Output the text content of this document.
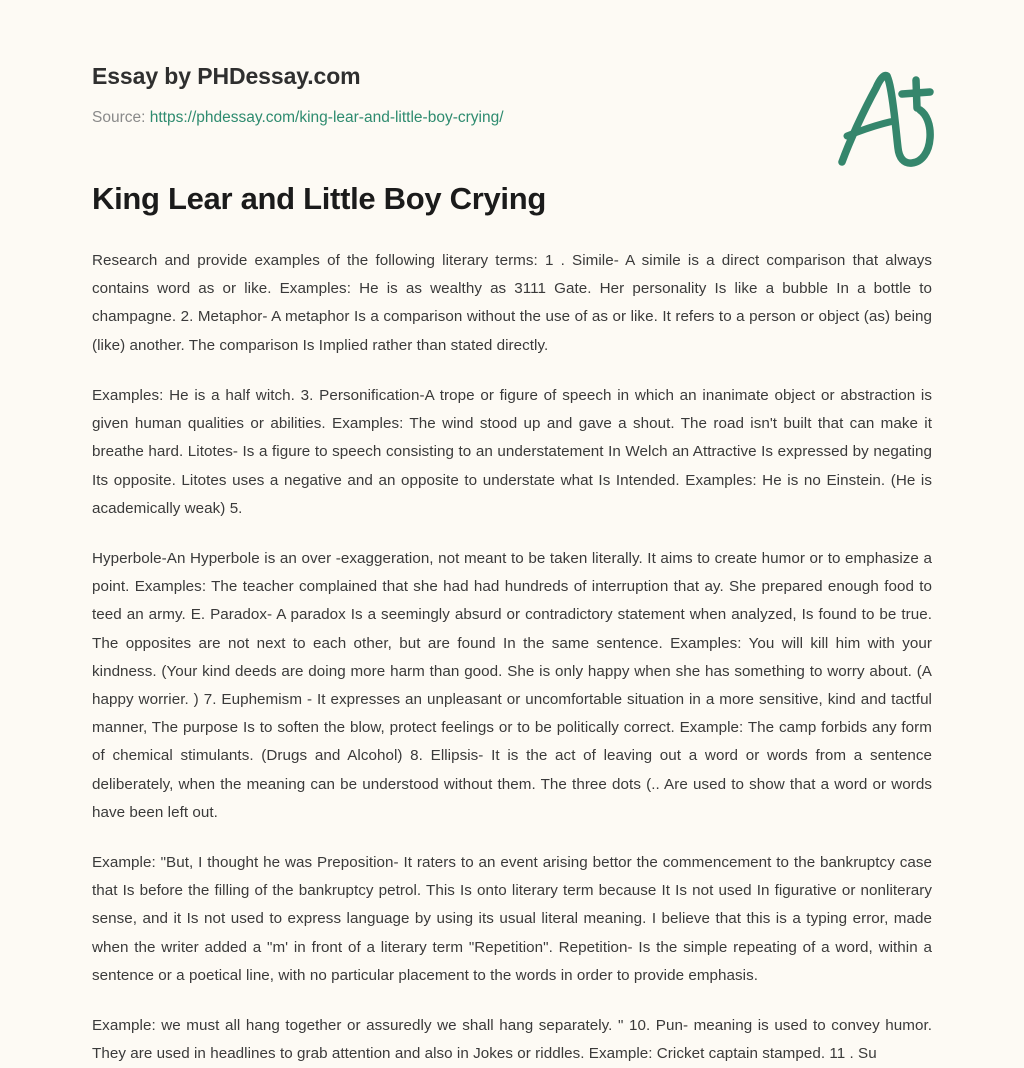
Essay by PHDessay.com
Source: https://phdessay.com/king-lear-and-little-boy-crying/
King Lear and Little Boy Crying

Research and provide examples of the following literary terms: 1 . Simile- A simile is a direct comparison that always contains word as or like. Examples: He is as wealthy as 3111 Gate. Her personality Is like a bubble In a bottle to champagne. 2. Metaphor- A metaphor Is a comparison without the use of as or like. It refers to a person or object (as) being (like) another. The comparison Is Implied rather than stated directly.

Examples: He is a half witch. 3. Personification-A trope or figure of speech in which an inanimate object or abstraction is given human qualities or abilities. Examples: The wind stood up and gave a shout. The road isn't built that can make it breathe hard. Litotes- Is a figure to speech consisting to an understatement In Welch an Attractive Is expressed by negating Its opposite. Litotes uses a negative and an opposite to understate what Is Intended. Examples: He is no Einstein. (He is academically weak) 5.

Hyperbole-An Hyperbole is an over -exaggeration, not meant to be taken literally. It aims to create humor or to emphasize a point. Examples: The teacher complained that she had had hundreds of interruption that ay. She prepared enough food to teed an army. E. Paradox- A paradox Is a seemingly absurd or contradictory statement when analyzed, Is found to be true. The opposites are not next to each other, but are found In the same sentence. Examples: You will kill him with your kindness. (Your kind deeds are doing more harm than good. She is only happy when she has something to worry about. (A happy worrier. ) 7. Euphemism - It expresses an unpleasant or uncomfortable situation in a more sensitive, kind and tactful manner, The purpose Is to soften the blow, protect feelings or to be politically correct. Example: The camp forbids any form of chemical stimulants. (Drugs and Alcohol) 8. Ellipsis- It is the act of leaving out a word or words from a sentence deliberately, when the meaning can be understood without them. The three dots (.. Are used to show that a word or words have been left out.

Example: "But, I thought he was Preposition- It raters to an event arising bettor the commencement to the bankruptcy case that Is before the filling of the bankruptcy petrol. This Is onto literary term because It Is not used In figurative or nonliterary sense, and it Is not used to express language by using its usual literal meaning. I believe that this is a typing error, made when the writer added a "m' in front of a literary term "Repetition". Repetition- Is the simple repeating of a word, within a sentence or a poetical line, with no particular placement to the words in order to provide emphasis.

Example: we must all hang together or assuredly we shall hang separately. " 10. Pun- meaning is used to convey humor. They are used in headlines to grab attention and also in Jokes or riddles. Example: Cricket captain stamped. 11 . Su
